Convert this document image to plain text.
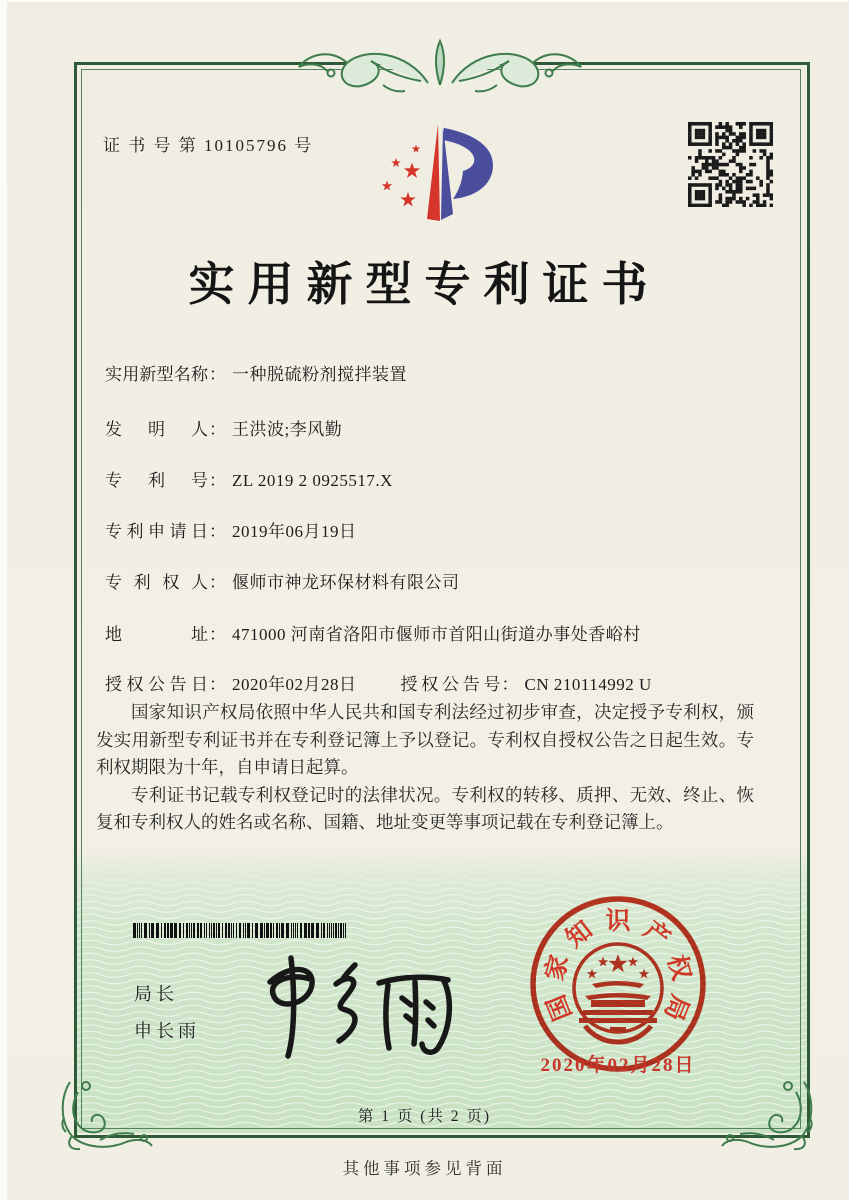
证 书 号 第 10105796 号
实用新型专利证书
实用新型名称： 一种脱硫粉剂搅拌装置
发明人： 王洪波;李风勤
专利号： ZL 2019 2 0925517.X
专利申请日： 2019年06月19日
专利权人： 偃师市神龙环保材料有限公司
地址： 471000 河南省洛阳市偃师市首阳山街道办事处香峪村
授权公告日： 2020年02月28日	授权公告号： CN 210114992 U

国家知识产权局依照中华人民共和国专利法经过初步审查，决定授予专利权，颁发实用新型专利证书并在专利登记簿上予以登记。专利权自授权公告之日起生效。专利权期限为十年，自申请日起算。

专利证书记载专利权登记时的法律状况。专利权的转移、质押、无效、终止、恢复和专利权人的姓名或名称、国籍、地址变更等事项记载在专利登记簿上。

局长
申长雨
国
家
知 识 产
权
局
2020年02月28日
第 1 页 (共 2 页)
其他事项参见背面
